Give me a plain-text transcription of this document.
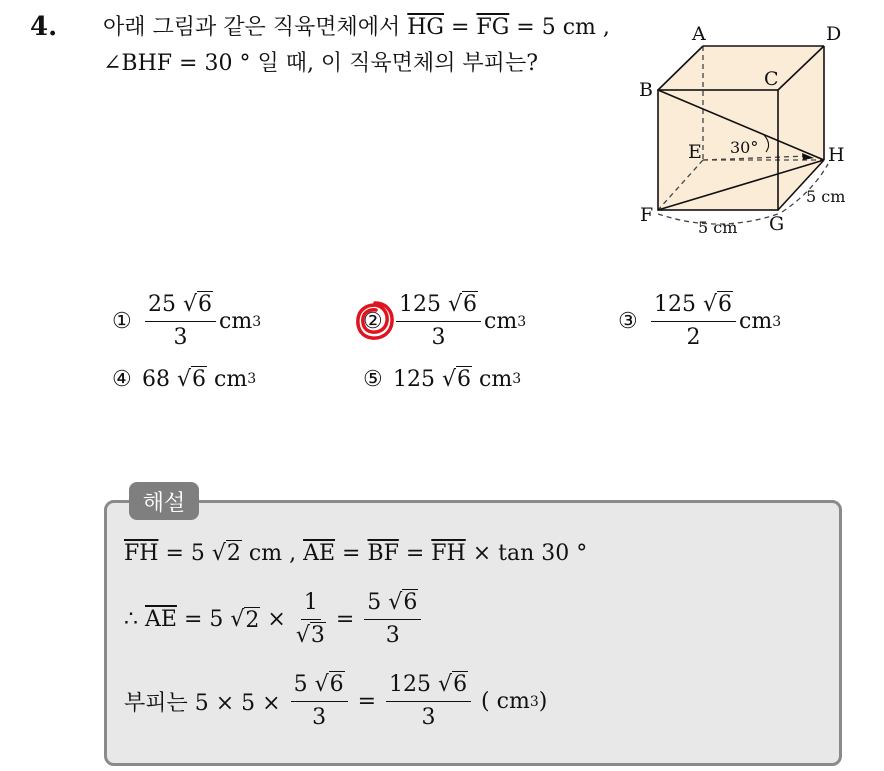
4. 아래 그림과 같은 직육면체에서 $\overline{HG} = \overline{FG} = 5$ cm , ∠BHF = 30 ° 일 때, 이 직육면체의 부피는?
A	D
B	C
E	H
F	G
30°
5 cm
5 cm
① $\frac{25 √6}{3}$ cm 3	② $\frac{125 √6}{3}$ cm 3	③ $\frac{125 √6}{2}$ cm 3
④ 68 √ 6
cm 3	⑤ 125 √ 6
cm 3
해설
$\overline{FH} = 5$ √ 2 cm , $\overline{AE} = \overline{BF} = \overline{FH} \times \tan 30$ °
∴ $\overline{AE} = 5$ √ $2 \times \frac{1}{√3} = \frac{5 √6}{3}$
부피는 $5 \times 5 \times \frac{5 √6}{3} = \frac{125 √6}{3}$ ( cm 3 )
